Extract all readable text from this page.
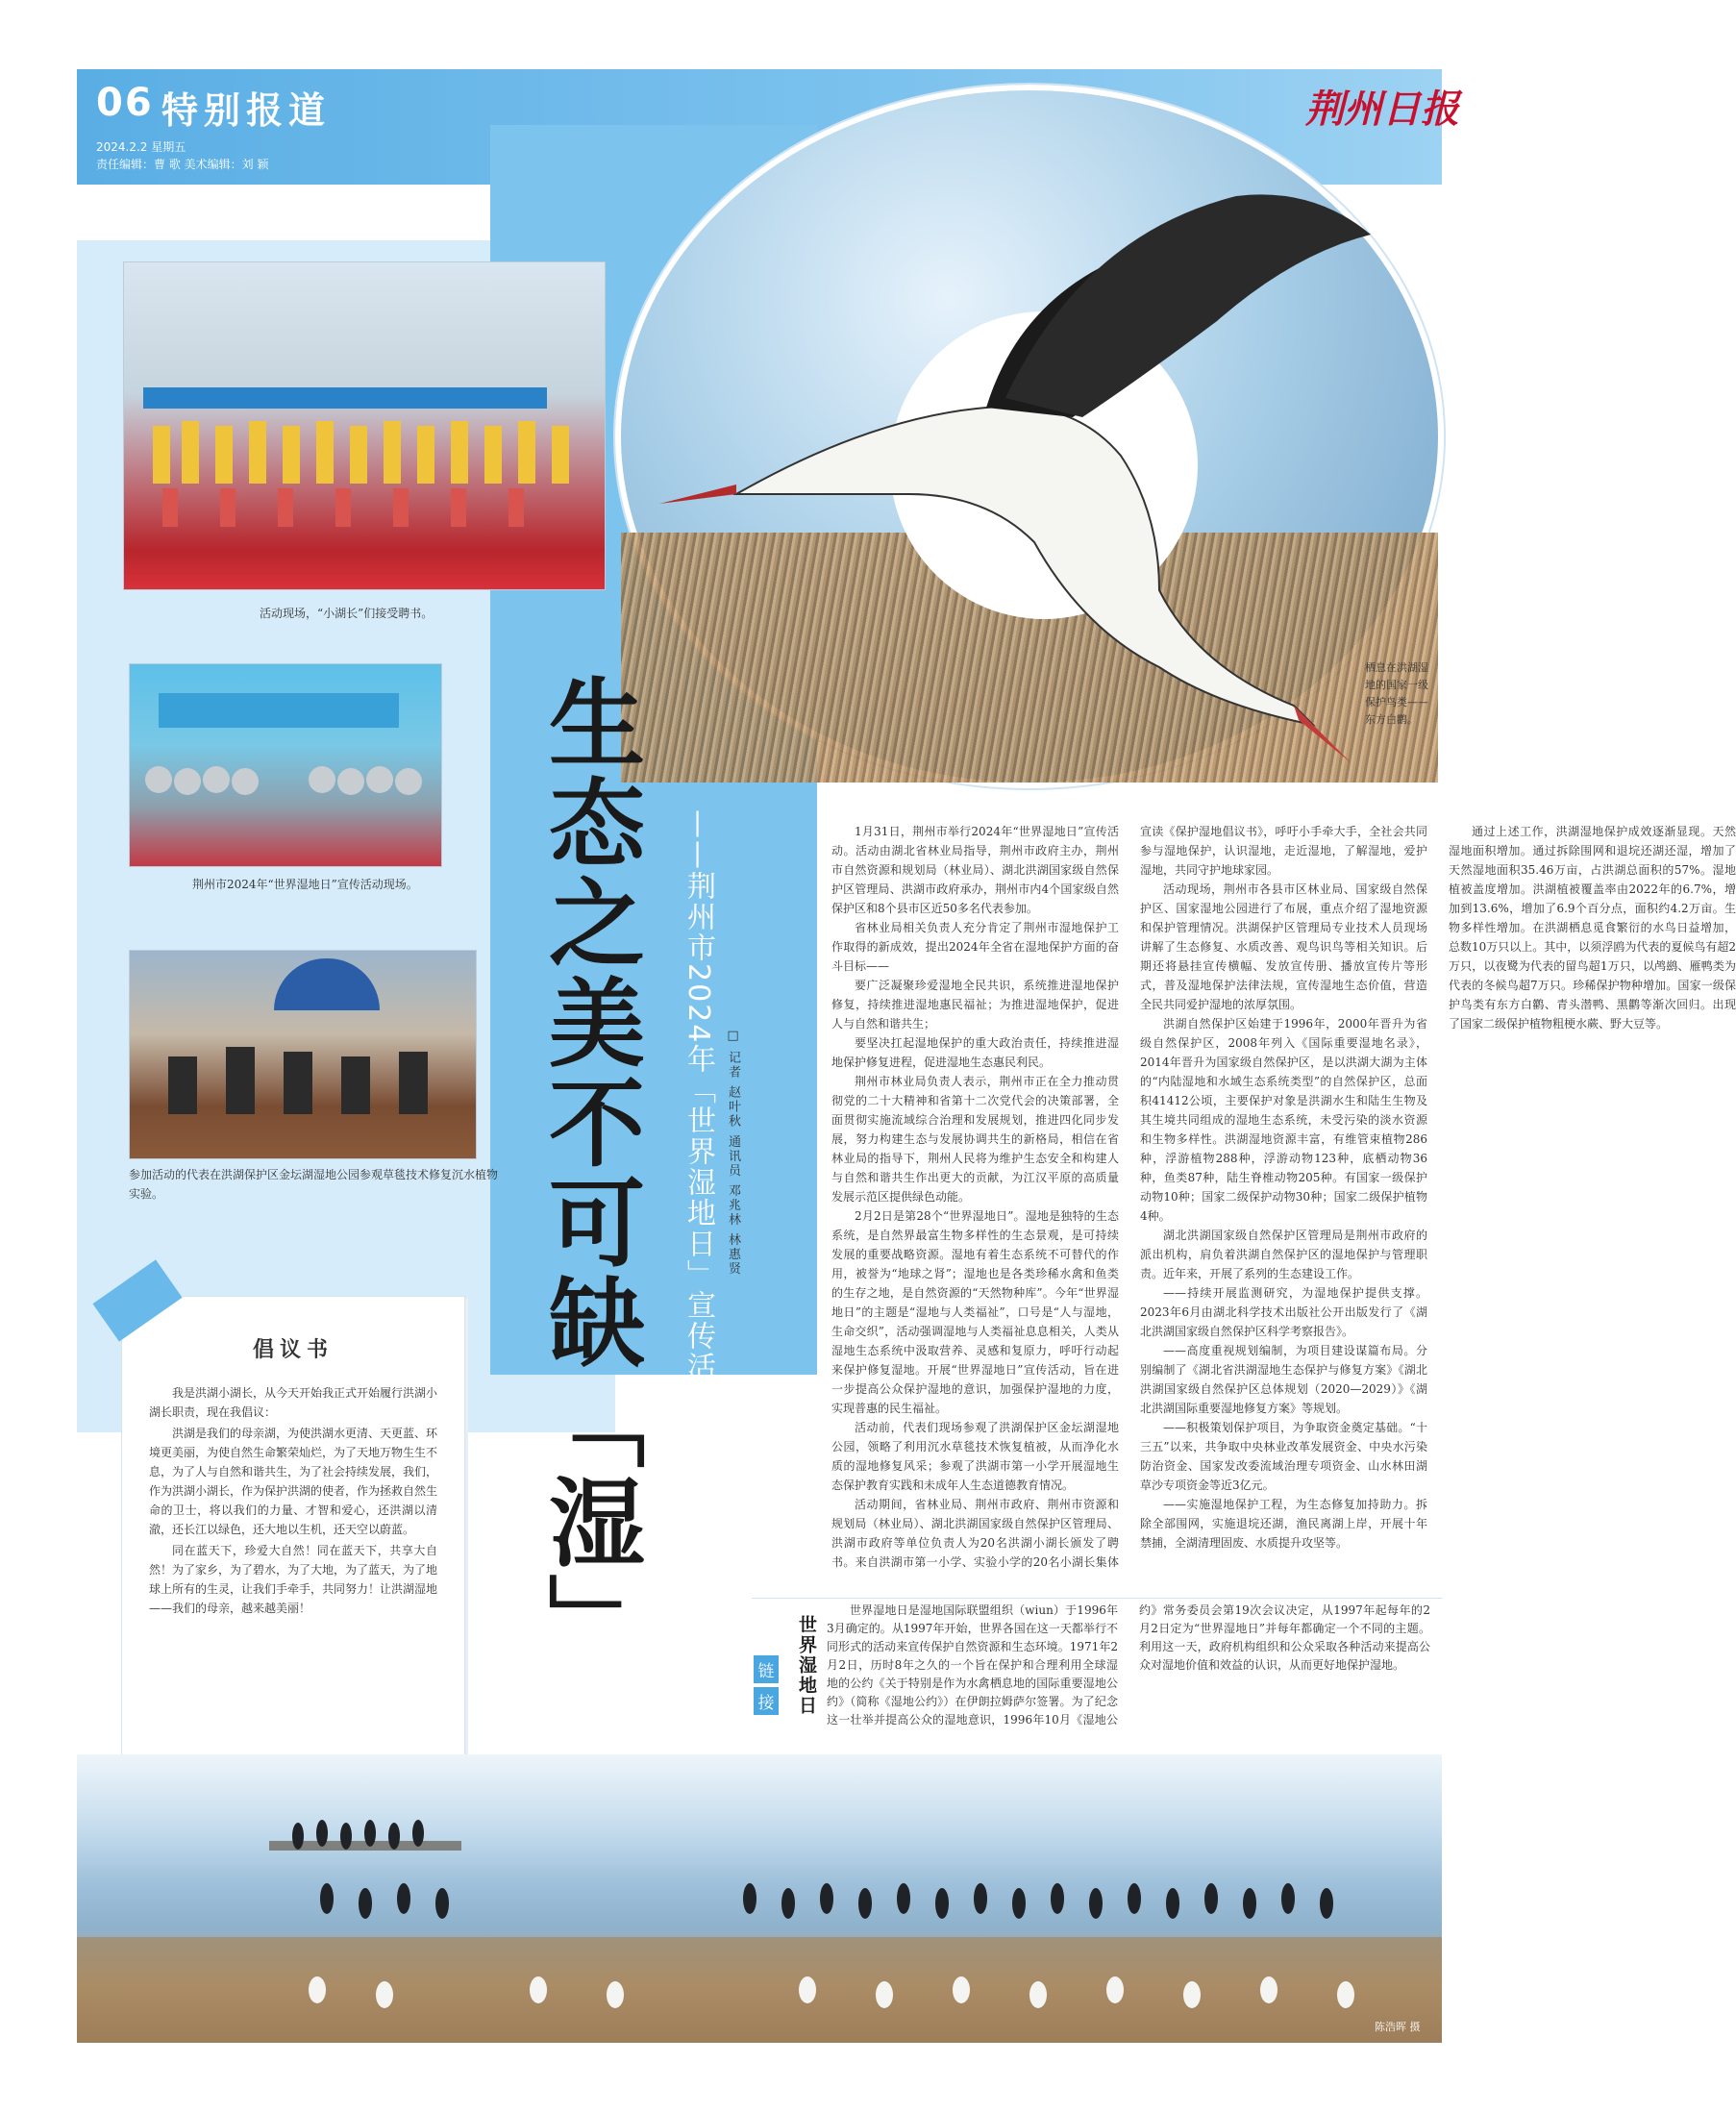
06 特别报道
2024.2.2 星期五
责任编辑：曹 歌 美术编辑：刘 颖
荆州日报
栖息在洪湖湿地的国家一级保护鸟类——东方白鹳。
活动现场，“小湖长”们接受聘书。
荆州市2024年“世界湿地日”宣传活动现场。
参加活动的代表在洪湖保护区金坛湖湿地公园参观草毯技术修复沉水植物实验。
倡议书

我是洪湖小湖长，从今天开始我正式开始履行洪湖小湖长职责，现在我倡议：

洪湖是我们的母亲湖，为使洪湖水更清、天更蓝、环境更美丽，为使自然生命繁荣灿烂，为了天地万物生生不息，为了人与自然和谐共生，为了社会持续发展，我们，作为洪湖小湖长，作为保护洪湖的使者，作为拯救自然生命的卫士，将以我们的力量、才智和爱心，还洪湖以清澈，还长江以绿色，还大地以生机，还天空以蔚蓝。

同在蓝天下，珍爱大自然！同在蓝天下，共享大自然！为了家乡，为了碧水，为了大地，为了蓝天，为了地球上所有的生灵，让我们手牵手，共同努力！让洪湖湿地——我们的母亲，越来越美丽！	生态之美不可缺「湿」 ——荆州市2024年「世界湿地日」宣传活动现场扫描 □ 记者 赵叶秋 通讯员 邓兆林 林惠贤

1月31日，荆州市举行2024年“世界湿地日”宣传活动。活动由湖北省林业局指导，荆州市政府主办，荆州市自然资源和规划局（林业局）、湖北洪湖国家级自然保护区管理局、洪湖市政府承办，荆州市内4个国家级自然保护区和8个县市区近50多名代表参加。

省林业局相关负责人充分肯定了荆州市湿地保护工作取得的新成效，提出2024年全省在湿地保护方面的奋斗目标——

要广泛凝聚珍爱湿地全民共识，系统推进湿地保护修复，持续推进湿地惠民福祉；为推进湿地保护，促进人与自然和谐共生；

要坚决扛起湿地保护的重大政治责任，持续推进湿地保护修复进程，促进湿地生态惠民利民。

荆州市林业局负责人表示，荆州市正在全力推动贯彻党的二十大精神和省第十二次党代会的决策部署，全面贯彻实施流域综合治理和发展规划，推进四化同步发展，努力构建生态与发展协调共生的新格局，相信在省林业局的指导下，荆州人民将为维护生态安全和构建人与自然和谐共生作出更大的贡献，为江汉平原的高质量发展示范区提供绿色动能。

2月2日是第28个“世界湿地日”。湿地是独特的生态系统，是自然界最富生物多样性的生态景观，是可持续发展的重要战略资源。湿地有着生态系统不可替代的作用，被誉为“地球之肾”；湿地也是各类珍稀水禽和鱼类的生存之地，是自然资源的“天然物种库”。今年“世界湿地日”的主题是“湿地与人类福祉”，口号是“人与湿地，生命交织”，活动强调湿地与人类福祉息息相关，人类从湿地生态系统中汲取营养、灵感和复原力，呼吁行动起来保护修复湿地。开展“世界湿地日”宣传活动，旨在进一步提高公众保护湿地的意识，加强保护湿地的力度，实现普惠的民生福祉。

活动前，代表们现场参观了洪湖保护区金坛湖湿地公园，领略了利用沉水草毯技术恢复植被，从而净化水质的湿地修复风采；参观了洪湖市第一小学开展湿地生态保护教育实践和未成年人生态道德教育情况。

活动期间，省林业局、荆州市政府、荆州市资源和规划局（林业局）、湖北洪湖国家级自然保护区管理局、洪湖市政府等单位负责人为20名洪湖小湖长颁发了聘书。来自洪湖市第一小学、实验小学的20名小湖长集体宣读《保护湿地倡议书》，呼吁小手牵大手，全社会共同参与湿地保护，认识湿地，走近湿地，了解湿地，爱护湿地，共同守护地球家园。

活动现场，荆州市各县市区林业局、国家级自然保护区、国家湿地公园进行了布展，重点介绍了湿地资源和保护管理情况。洪湖保护区管理局专业技术人员现场讲解了生态修复、水质改善、观鸟识鸟等相关知识。后期还将悬挂宣传横幅、发放宣传册、播放宣传片等形式，普及湿地保护法律法规，宣传湿地生态价值，营造全民共同爱护湿地的浓厚氛围。

洪湖自然保护区始建于1996年，2000年晋升为省级自然保护区，2008年列入《国际重要湿地名录》，2014年晋升为国家级自然保护区，是以洪湖大湖为主体的“内陆湿地和水域生态系统类型”的自然保护区，总面积41412公顷，主要保护对象是洪湖水生和陆生生物及其生境共同组成的湿地生态系统，未受污染的淡水资源和生物多样性。洪湖湿地资源丰富，有维管束植物286种，浮游植物288种，浮游动物123种，底栖动物36种，鱼类87种，陆生脊椎动物205种。有国家一级保护动物10种；国家二级保护动物30种；国家二级保护植物4种。

湖北洪湖国家级自然保护区管理局是荆州市政府的派出机构，肩负着洪湖自然保护区的湿地保护与管理职责。近年来，开展了系列的生态建设工作。

——持续开展监测研究，为湿地保护提供支撑。2023年6月由湖北科学技术出版社公开出版发行了《湖北洪湖国家级自然保护区科学考察报告》。

——高度重视规划编制，为项目建设谋篇布局。分别编制了《湖北省洪湖湿地生态保护与修复方案》《湖北洪湖国家级自然保护区总体规划（2020—2029）》《湖北洪湖国际重要湿地修复方案》等规划。

——积极策划保护项目，为争取资金奠定基础。“十三五”以来，共争取中央林业改革发展资金、中央水污染防治资金、国家发改委流域治理专项资金、山水林田湖草沙专项资金等近3亿元。

——实施湿地保护工程，为生态修复加持助力。拆除全部围网，实施退垸还湖，渔民离湖上岸，开展十年禁捕，全湖清理固废、水质提升攻坚等。

通过上述工作，洪湖湿地保护成效逐渐显现。天然湿地面积增加。通过拆除围网和退垸还湖还湿，增加了天然湿地面积35.46万亩，占洪湖总面积的57%。湿地植被盖度增加。洪湖植被覆盖率由2022年的6.7%，增加到13.6%，增加了6.9个百分点，面积约4.2万亩。生物多样性增加。在洪湖栖息觅食繁衍的水鸟日益增加，总数10万只以上。其中，以须浮鸥为代表的夏候鸟有超2万只，以夜鹭为代表的留鸟超1万只，以鸬鹚、雁鸭类为代表的冬候鸟超7万只。珍稀保护物种增加。国家一级保护鸟类有东方白鹳、青头潜鸭、黑鹳等渐次回归。出现了国家二级保护植物粗梗水蕨、野大豆等。

链
接 世界湿地日

世界湿地日是湿地国际联盟组织（wiun）于1996年3月确定的。从1997年开始，世界各国在这一天都举行不同形式的活动来宣传保护自然资源和生态环境。1971年2月2日，历时8年之久的一个旨在保护和合理利用全球湿地的公约《关于特别是作为水禽栖息地的国际重要湿地公约》（简称《湿地公约》）在伊朗拉姆萨尔签署。为了纪念这一壮举并提高公众的湿地意识，1996年10月《湿地公约》常务委员会第19次会议决定，从1997年起每年的2月2日定为“世界湿地日”并每年都确定一个不同的主题。利用这一天，政府机构组织和公众采取各种活动来提高公众对湿地价值和效益的认识，从而更好地保护湿地。

陈浩晖 摄
